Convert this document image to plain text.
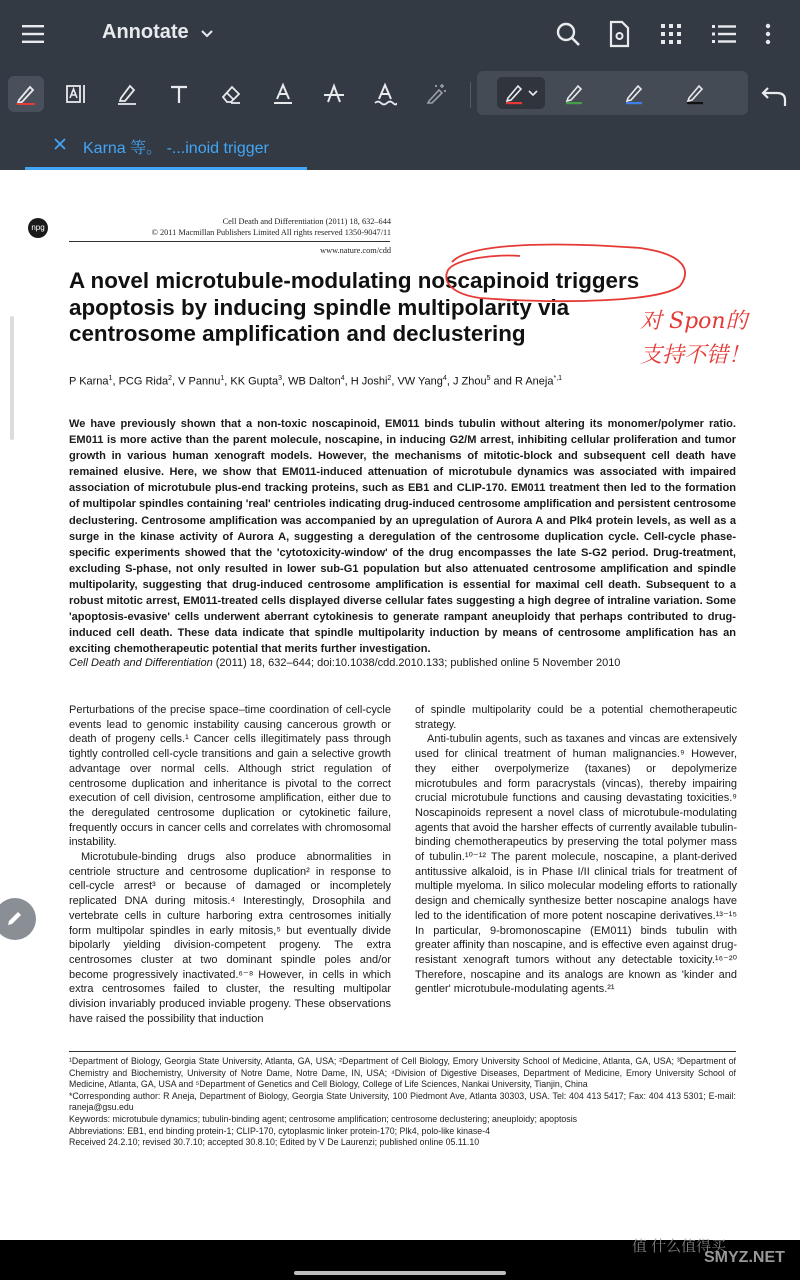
Annotate
Karna 等。 -...inoid trigger
npg
Cell Death and Differentiation (2011) 18, 632–644
© 2011 Macmillan Publishers Limited All rights reserved 1350-9047/11
www.nature.com/cdd
A novel microtubule-modulating noscapinoid triggers
apoptosis by inducing spindle multipolarity via
centrosome amplification and declustering
P Karna$^1$, PCG Rida$^2$, V Pannu$^1$, KK Gupta$^3$, WB Dalton$^4$, H Joshi$^2$, VW Yang$^4$, J Zhou$^5$ and R Aneja$^{*,1}$
We have previously shown that a non-toxic noscapinoid, EM011 binds tubulin without altering its monomer/polymer ratio. EM011 is more active than the parent molecule, noscapine, in inducing G2/M arrest, inhibiting cellular proliferation and tumor growth in various human xenograft models. However, the mechanisms of mitotic-block and subsequent cell death have remained elusive. Here, we show that EM011-induced attenuation of microtubule dynamics was associated with impaired association of microtubule plus-end tracking proteins, such as EB1 and CLIP-170. EM011 treatment then led to the formation of multipolar spindles containing 'real' centrioles indicating drug-induced centrosome amplification and persistent centrosome declustering. Centrosome amplification was accompanied by an upregulation of Aurora A and Plk4 protein levels, as well as a surge in the kinase activity of Aurora A, suggesting a deregulation of the centrosome duplication cycle. Cell-cycle phase-specific experiments showed that the 'cytotoxicity-window' of the drug encompasses the late S-G2 period. Drug-treatment, excluding S-phase, not only resulted in lower sub-G1 population but also attenuated centrosome amplification and spindle multipolarity, suggesting that drug-induced centrosome amplification is essential for maximal cell death. Subsequent to a robust mitotic arrest, EM011-treated cells displayed diverse cellular fates suggesting a high degree of intraline variation. Some 'apoptosis-evasive' cells underwent aberrant cytokinesis to generate rampant aneuploidy that perhaps contributed to drug-induced cell death. These data indicate that spindle multipolarity induction by means of centrosome amplification has an exciting chemotherapeutic potential that merits further investigation.
Cell Death and Differentiation (2011) 18, 632–644; doi:10.1038/cdd.2010.133; published online 5 November 2010

Perturbations of the precise space–time coordination of cell-cycle events lead to genomic instability causing cancerous growth or death of progeny cells.¹ Cancer cells illegitimately pass through tightly controlled cell-cycle transitions and gain a selective growth advantage over normal cells. Although strict regulation of centrosome duplication and inheritance is pivotal to the correct execution of cell division, centrosome amplification, either due to the deregulated centrosome duplication or cytokinetic failure, frequently occurs in cancer cells and correlates with chromosomal instability.

Microtubule-binding drugs also produce abnormalities in centriole structure and centrosome duplication² in response to cell-cycle arrest³ or because of damaged or incompletely replicated DNA during mitosis.⁴ Interestingly, Drosophila and vertebrate cells in culture harboring extra centrosomes initially form multipolar spindles in early mitosis,⁵ but eventually divide bipolarly yielding division-competent progeny. The extra centrosomes cluster at two dominant spindle poles and/or become progressively inactivated.⁶⁻⁸ However, in cells in which extra centrosomes failed to cluster, the resulting multipolar division invariably produced inviable progeny. These observations have raised the possibility that induction

of spindle multipolarity could be a potential chemotherapeutic strategy.

Anti-tubulin agents, such as taxanes and vincas are extensively used for clinical treatment of human malignancies.⁹ However, they either overpolymerize (taxanes) or depolymerize microtubules and form paracrystals (vincas), thereby impairing crucial microtubule functions and causing devastating toxicities.⁹ Noscapinoids represent a novel class of microtubule-modulating agents that avoid the harsher effects of currently available tubulin-binding chemotherapeutics by preserving the total polymer mass of tubulin.¹⁰⁻¹² The parent molecule, noscapine, a plant-derived antitussive alkaloid, is in Phase I/II clinical trials for treatment of multiple myeloma. In silico molecular modeling efforts to rationally design and chemically synthesize better noscapine analogs have led to the identification of more potent noscapine derivatives.¹³⁻¹⁵ In particular, 9-bromonoscapine (EM011) binds tubulin with greater affinity than noscapine, and is effective even against drug-resistant xenograft tumors without any detectable toxicity.¹⁶⁻²⁰ Therefore, noscapine and its analogs are known as 'kinder and gentler' microtubule-modulating agents.²¹

¹Department of Biology, Georgia State University, Atlanta, GA, USA; ²Department of Cell Biology, Emory University School of Medicine, Atlanta, GA, USA; ³Department of Chemistry and Biochemistry, University of Notre Dame, Notre Dame, IN, USA; ⁴Division of Digestive Diseases, Department of Medicine, Emory University School of Medicine, Atlanta, GA, USA and ⁵Department of Genetics and Cell Biology, College of Life Sciences, Nankai University, Tianjin, China
*Corresponding author: R Aneja, Department of Biology, Georgia State University, 100 Piedmont Ave, Atlanta 30303, USA. Tel: 404 413 5417; Fax: 404 413 5301; E-mail: raneja@gsu.edu
Keywords: microtubule dynamics; tubulin-binding agent; centrosome amplification; centrosome declustering; aneuploidy; apoptosis
Abbreviations: EB1, end binding protein-1; CLIP-170, cytoplasmic linker protein-170; Plk4, polo-like kinase-4
Received 24.2.10; revised 30.7.10; accepted 30.8.10; Edited by V De Laurenzi; published online 05.11.10
对 Spon的
支持不错！
值 什么值得买
SMYZ.NET
